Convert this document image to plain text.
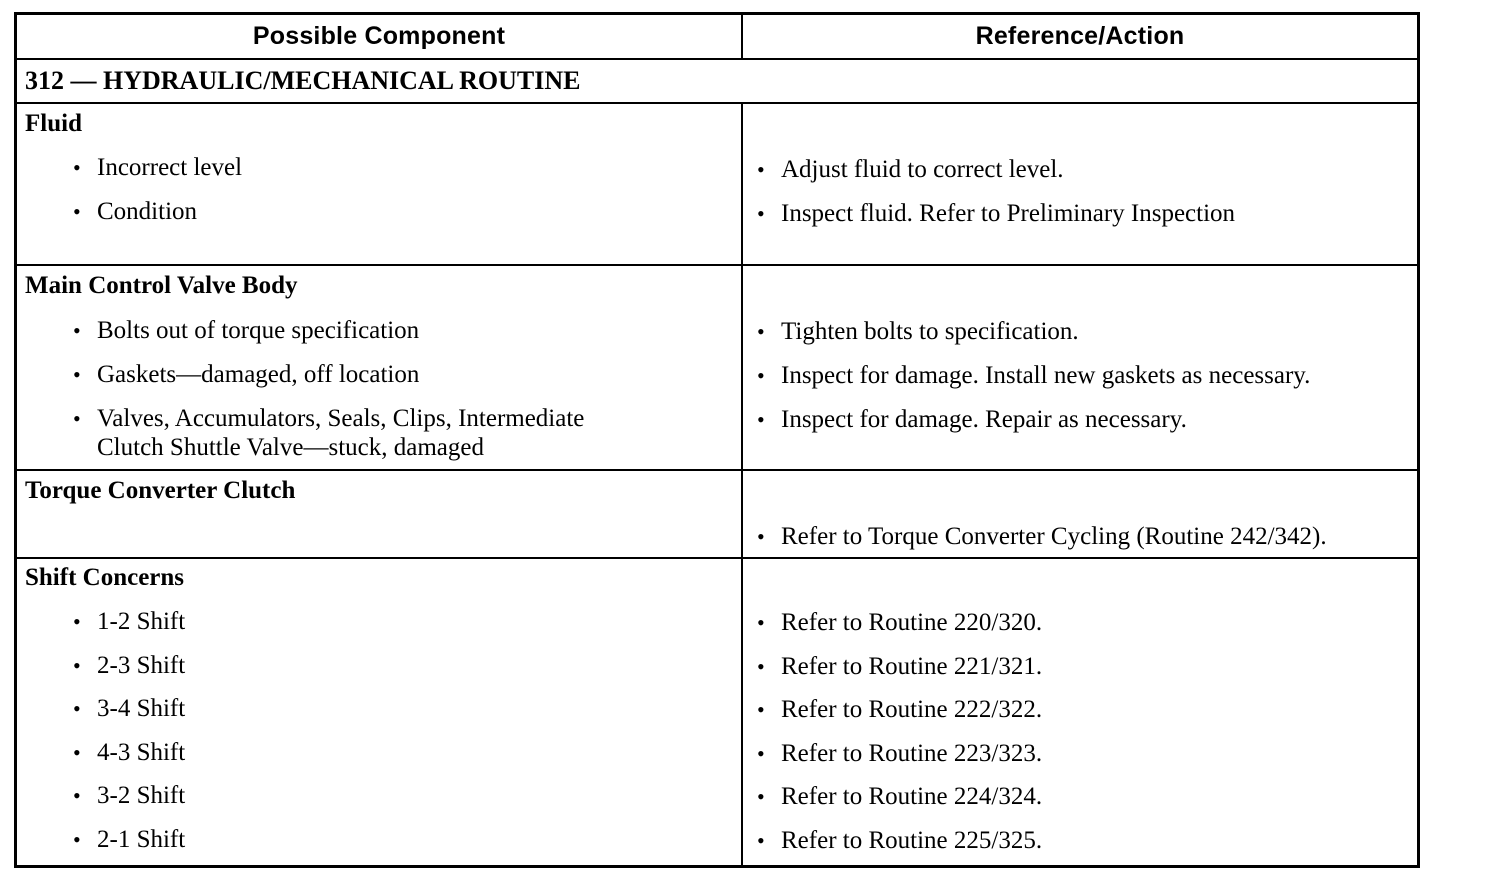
Possible Component	Reference/Action
312 — HYDRAULIC/MECHANICAL ROUTINE
Fluid
• Incorrect level
• Condition
• Adjust fluid to correct level.
• Inspect fluid. Refer to Preliminary Inspection
Main Control Valve Body
• Bolts out of torque specification
• Gaskets—damaged, off location
• Valves, Accumulators, Seals, Clips, Intermediate
Clutch Shuttle Valve—stuck, damaged
• Tighten bolts to specification.
• Inspect for damage. Install new gaskets as necessary.
• Inspect for damage. Repair as necessary.
Torque Converter Clutch
• Refer to Torque Converter Cycling (Routine 242/342).
Shift Concerns
• 1-2 Shift
• 2-3 Shift
• 3-4 Shift
• 4-3 Shift
• 3-2 Shift
• 2-1 Shift
• Refer to Routine 220/320.
• Refer to Routine 221/321.
• Refer to Routine 222/322.
• Refer to Routine 223/323.
• Refer to Routine 224/324.
• Refer to Routine 225/325.
